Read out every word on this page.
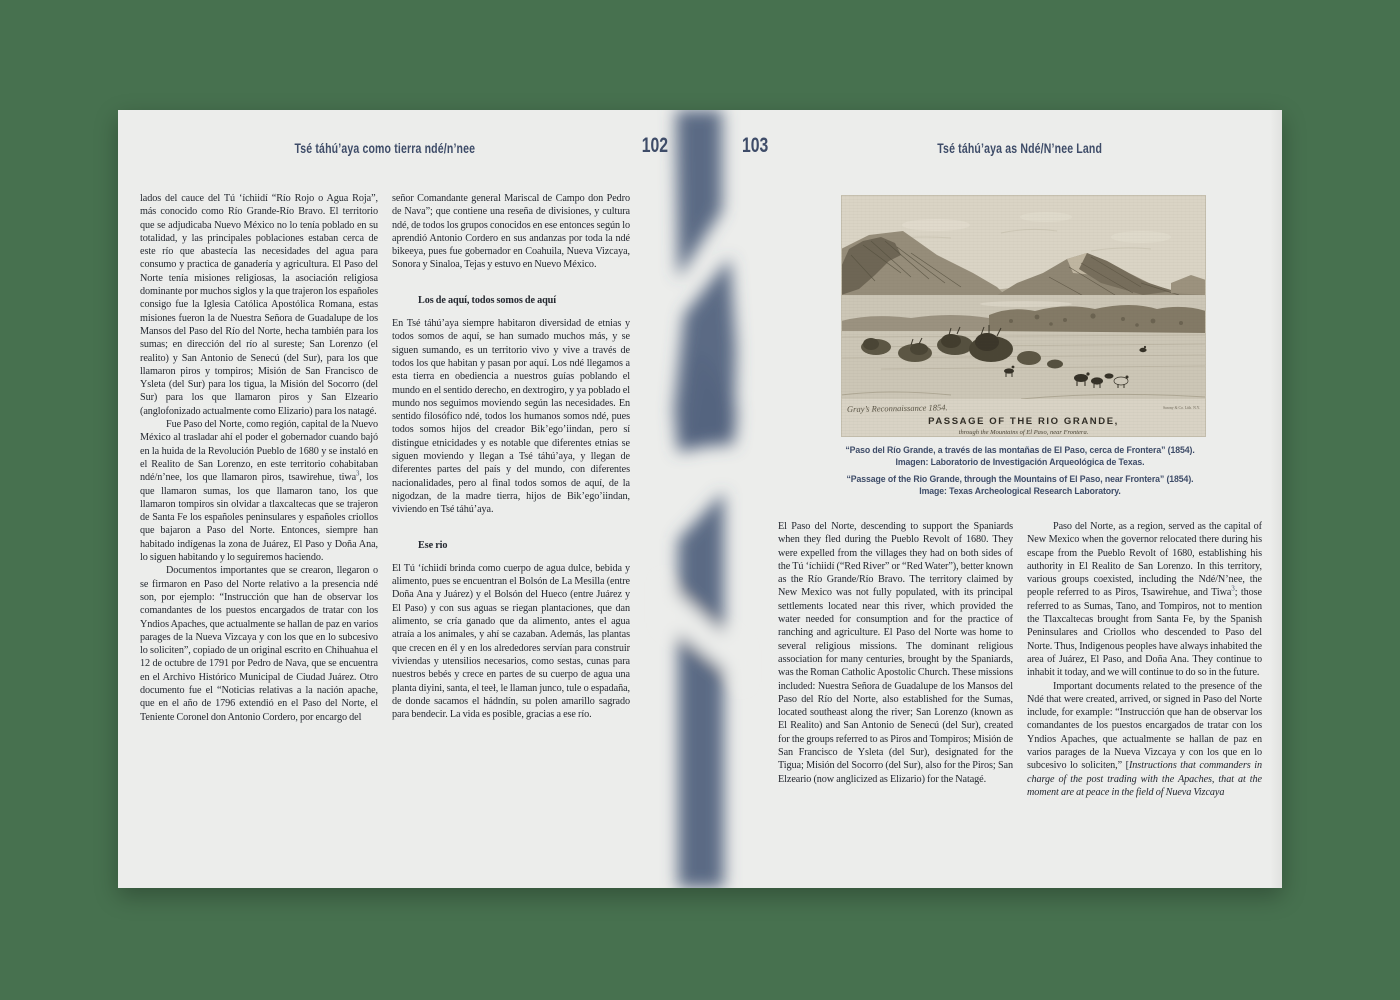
Tsé táhú’aya como tierra ndé/n’nee	102

lados del cauce del Tú ‘íchiidí “Río Rojo o Agua Roja”, más conocido como Río Grande-Río Bravo. El territorio que se adjudicaba Nuevo México no lo tenía poblado en su totalidad, y las principales poblaciones estaban cerca de este río que abastecía las necesidades del agua para consumo y practica de ganadería y agricultura. El Paso del Norte tenía misiones religiosas, la asociación religiosa dominante por muchos siglos y la que trajeron los españoles consigo fue la Iglesia Católica Apostólica Romana, estas misiones fueron la de Nuestra Señora de Guadalupe de los Mansos del Paso del Río del Norte, hecha también para los sumas; en dirección del río al sureste; San Lorenzo (el realito) y San Antonio de Senecú (del Sur), para los que llamaron piros y tompiros; Misión de San Francisco de Ysleta (del Sur) para los tigua, la Misión del Socorro (del Sur) para los que llamaron piros y San Elzeario (anglofonizado actualmente como Elizario) para los natagé.

Fue Paso del Norte, como región, capital de la Nuevo México al trasladar ahí el poder el gobernador cuando bajó en la huida de la Revolución Pueblo de 1680 y se instaló en el Realito de San Lorenzo, en este territorio cohabitaban ndé/n’nee, los que llamaron piros, tsawirehue, tiwa$^3$, los que llamaron sumas, los que llamaron tano, los que llamaron tompiros sin olvidar a tlaxcaltecas que se trajeron de Santa Fe los españoles peninsulares y españoles criollos que bajaron a Paso del Norte. Entonces, siempre han habitado indígenas la zona de Juárez, El Paso y Doña Ana, lo siguen habitando y lo seguiremos haciendo.

Documentos importantes que se crearon, llegaron o se firmaron en Paso del Norte relativo a la presencia ndé son, por ejemplo: “Instrucción que han de observar los comandantes de los puestos encargados de tratar con los Yndios Apaches, que actualmente se hallan de paz en varios parages de la Nueva Vizcaya y con los que en lo subcesivo lo soliciten”, copiado de un original escrito en Chihuahua el 12 de octubre de 1791 por Pedro de Nava, que se encuentra en el Archivo Histórico Municipal de Ciudad Juárez. Otro documento fue el “Noticias relativas a la nación apache, que en el año de 1796 extendió en el Paso del Norte, el Teniente Coronel don Antonio Cordero, por encargo del

señor Comandante general Mariscal de Campo don Pedro de Nava”; que contiene una reseña de divisiones, y cultura ndé, de todos los grupos conocidos en ese entonces según lo aprendió Antonio Cordero en sus andanzas por toda la ndé bikeeya, pues fue gobernador en Coahuila, Nueva Vizcaya, Sonora y Sinaloa, Tejas y estuvo en Nuevo México.

Los de aquí, todos somos de aquí

En Tsé táhú’aya siempre habitaron diversidad de etnias y todos somos de aquí, se han sumado muchos más, y se siguen sumando, es un territorio vivo y vive a través de todos los que habitan y pasan por aquí. Los ndé llegamos a esta tierra en obediencia a nuestros guías poblando el mundo en el sentido derecho, en dextrogiro, y ya poblado el mundo nos seguimos moviendo según las necesidades. En sentido filosófico ndé, todos los humanos somos ndé, pues todos somos hijos del creador Bik’ego’iindan, pero sí distingue etnicidades y es notable que diferentes etnias se siguen moviendo y llegan a Tsé táhú’aya, y llegan de diferentes partes del país y del mundo, con diferentes nacionalidades, pero al final todos somos de aquí, de la nigodzan, de la madre tierra, hijos de Bik’ego’iindan, viviendo en Tsé táhú’aya.

Ese rio

El Tú ‘íchiidí brinda como cuerpo de agua dulce, bebida y alimento, pues se encuentran el Bolsón de La Mesilla (entre Doña Ana y Juárez) y el Bolsón del Hueco (entre Juárez y El Paso) y con sus aguas se riegan plantaciones, que dan alimento, se cría ganado que da alimento, antes el agua atraía a los animales, y ahí se cazaban. Además, las plantas que crecen en él y en los alrededores servían para construir viviendas y utensilios necesarios, como sestas, cunas para nuestros bebés y crece en partes de su cuerpo de agua una planta diyini, santa, el teeł, le llaman junco, tule o espadaña, de donde sacamos el hádndín, su polen amarillo sagrado para bendecir. La vida es posible, gracias a ese río.

103	Tsé táhú’aya as Ndé/N’nee Land
Gray’s Reconnaissance 1854.	Sarony & Co. Lith. N.Y.
PASSAGE OF THE RIO GRANDE,
through the Mountains of El Paso, near Frontera.
“Paso del Río Grande, a través de las montañas de El Paso, cerca de Frontera” (1854).
Imagen: Laboratorio de Investigación Arqueológica de Texas.
“Passage of the Rio Grande, through the Mountains of El Paso, near Frontera” (1854).
Image: Texas Archeological Research Laboratory.

El Paso del Norte, descending to support the Spaniards when they fled during the Pueblo Revolt of 1680. They were expelled from the villages they had on both sides of the Tú ‘íchiidí (“Red River” or “Red Water”), better known as the Río Grande/Río Bravo. The territory claimed by New Mexico was not fully populated, with its principal settlements located near this river, which provided the water needed for consumption and for the practice of ranching and agriculture. El Paso del Norte was home to several religious missions. The dominant religious association for many centuries, brought by the Spaniards, was the Roman Catholic Apostolic Church. These missions included: Nuestra Señora de Guadalupe de los Mansos del Paso del Río del Norte, also established for the Sumas, located southeast along the river; San Lorenzo (known as El Realito) and San Antonio de Senecú (del Sur), created for the groups referred to as Piros and Tompiros; Misión de San Francisco de Ysleta (del Sur), designated for the Tigua; Misión del Socorro (del Sur), also for the Piros; San Elzeario (now anglicized as Elizario) for the Natagé.

Paso del Norte, as a region, served as the capital of New Mexico when the governor relocated there during his escape from the Pueblo Revolt of 1680, establishing his authority in El Realito de San Lorenzo. In this territory, various groups coexisted, including the Ndé/N’nee, the people referred to as Piros, Tsawirehue, and Tiwa$^3$; those referred to as Sumas, Tano, and Tompiros, not to mention the Tlaxcaltecas brought from Santa Fe, by the Spanish Peninsulares and Criollos who descended to Paso del Norte. Thus, Indigenous peoples have always inhabited the area of Juárez, El Paso, and Doña Ana. They continue to inhabit it today, and we will continue to do so in the future.

Important documents related to the presence of the Ndé that were created, arrived, or signed in Paso del Norte include, for example: “Instrucción que han de observar los comandantes de los puestos encargados de tratar con los Yndios Apaches, que actualmente se hallan de paz en varios parages de la Nueva Vizcaya y con los que en lo subcesivo lo soliciten,” [Instructions that commanders in charge of the post trading with the Apaches, that at the moment are at peace in the field of Nueva Vizcaya
